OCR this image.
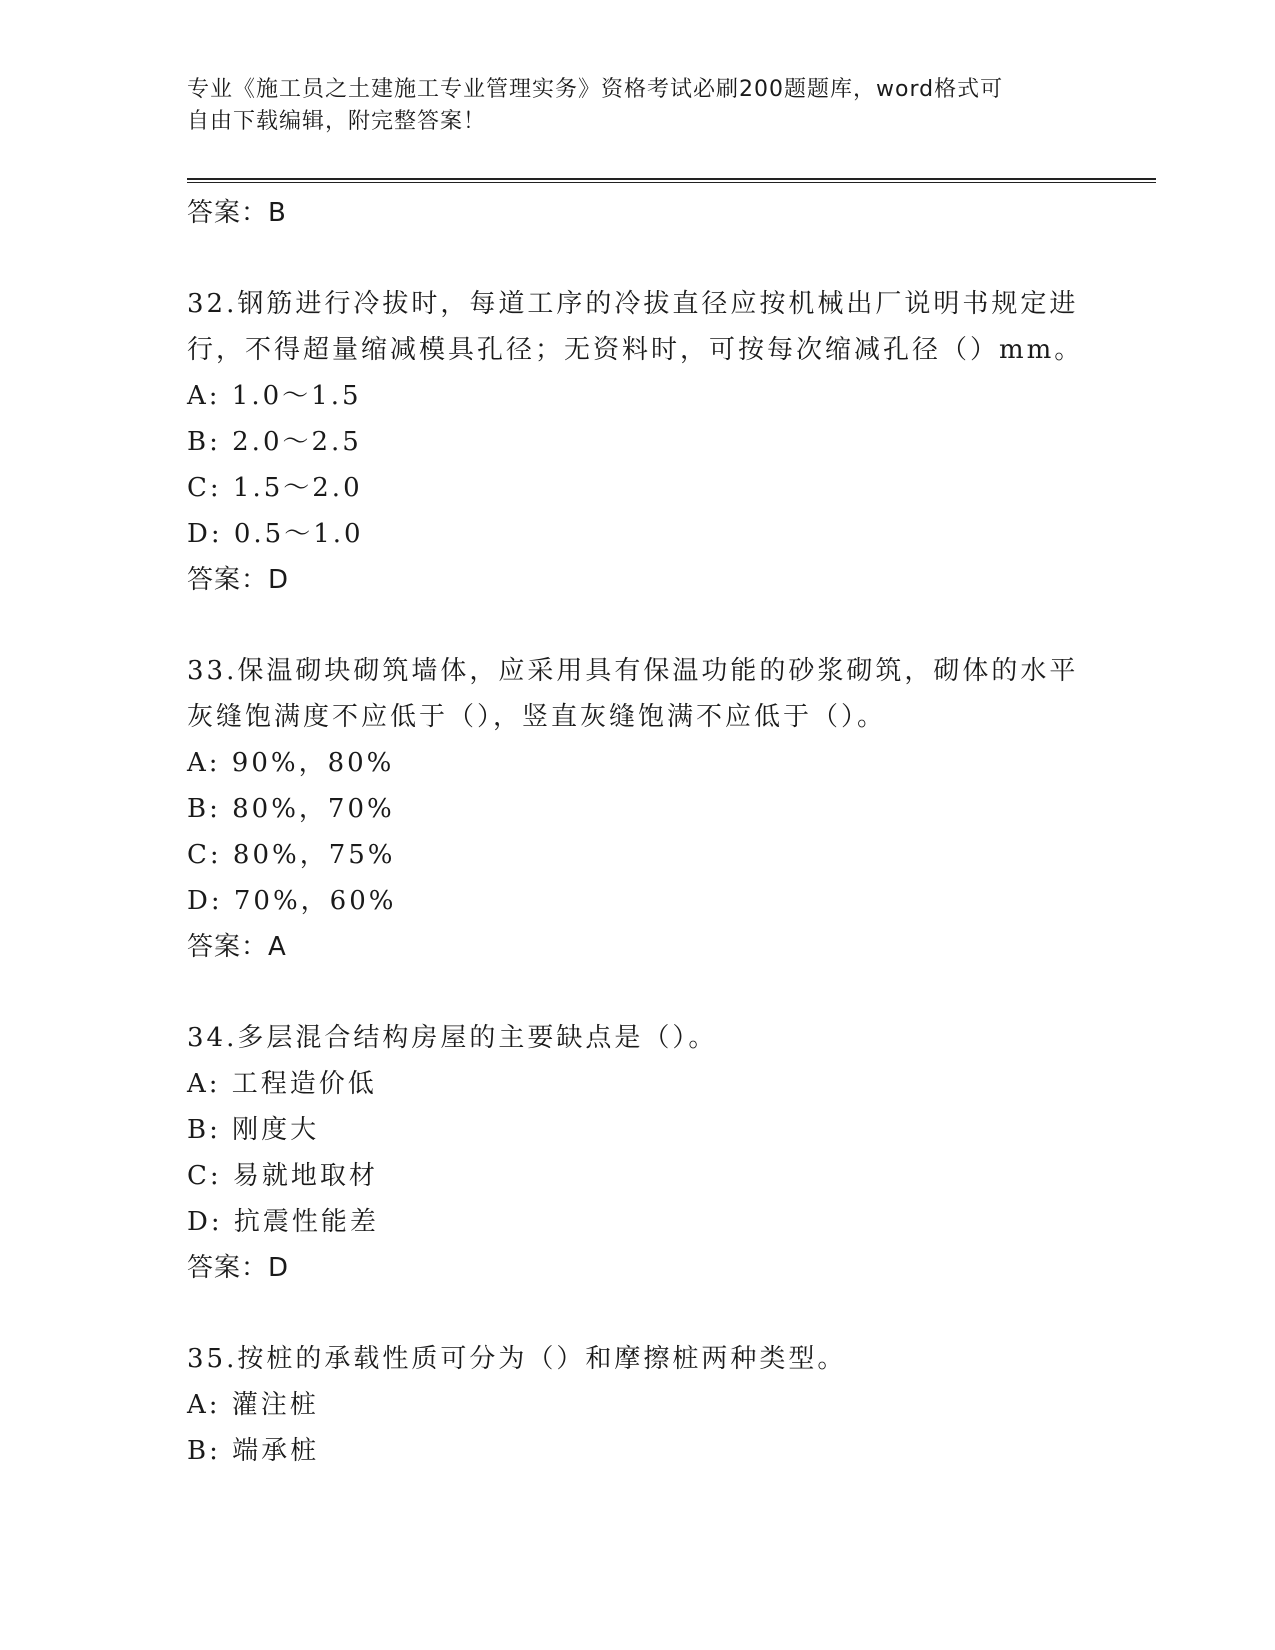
专业《施工员之土建施工专业管理实务》资格考试必刷200题题库，word格式可
自由下载编辑，附完整答案！
答案：B
32.钢筋进行冷拔时，每道工序的冷拔直径应按机械出厂说明书规定进
行，不得超量缩减模具孔径；无资料时，可按每次缩减孔径（）mm。
A: 1.0～1.5
B: 2.0～2.5
C: 1.5～2.0
D: 0.5～1.0
答案：D
33.保温砌块砌筑墙体，应采用具有保温功能的砂浆砌筑，砌体的水平
灰缝饱满度不应低于（），竖直灰缝饱满不应低于（）。
A: 90%，80%
B: 80%，70%
C: 80%，75%
D: 70%，60%
答案：A
34.多层混合结构房屋的主要缺点是（）。
A: 工程造价低
B: 刚度大
C: 易就地取材
D: 抗震性能差
答案：D
35.按桩的承载性质可分为（）和摩擦桩两种类型。
A: 灌注桩
B: 端承桩
